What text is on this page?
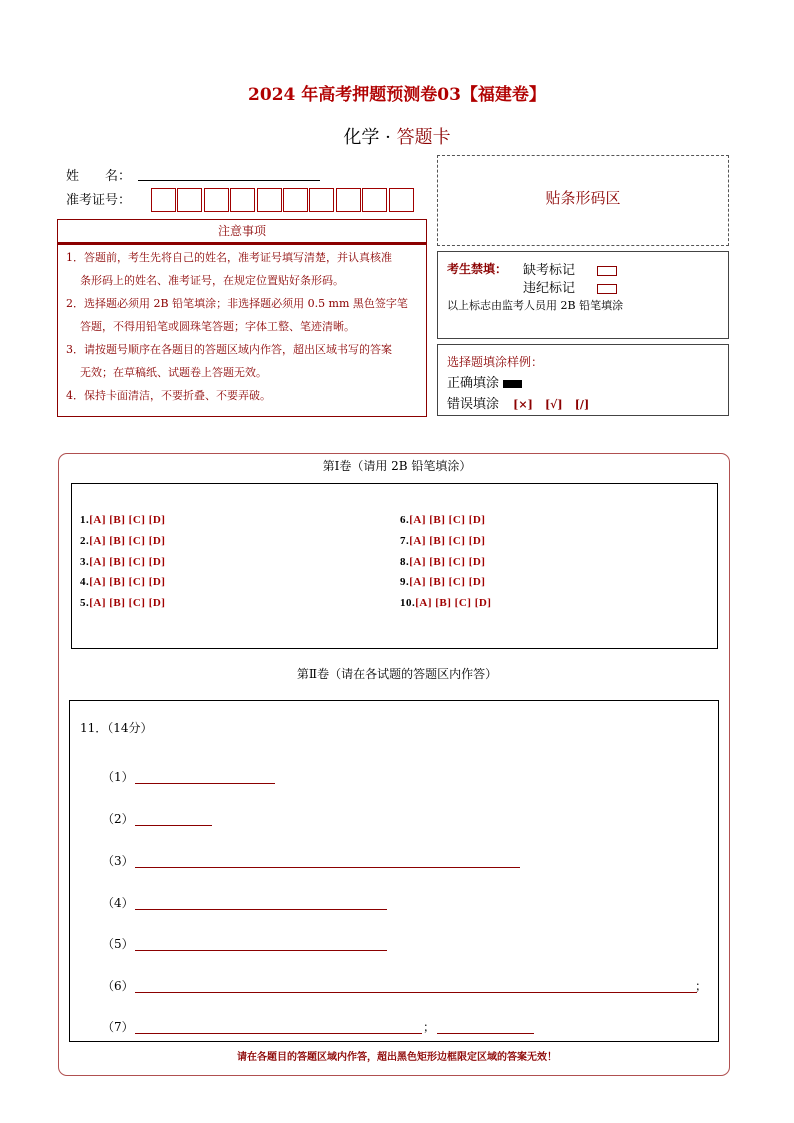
2024 年高考押题预测卷03【福建卷】
化学 · 答题卡
姓　　名：
准考证号：	贴条形码区
注意事项

1．答题前，考生先将自己的姓名，准考证号填写清楚，并认真核准

条形码上的姓名、准考证号，在规定位置贴好条形码。

2．选择题必须用 2B 铅笔填涂；非选择题必须用 0.5 mm 黑色签字笔

答题，不得用铅笔或圆珠笔答题；字体工整、笔迹清晰。

3．请按题号顺序在各题目的答题区域内作答，超出区域书写的答案

无效；在草稿纸、试题卷上答题无效。

4．保持卡面清洁，不要折叠、不要弄破。

考生禁填： 缺考标记
违纪标记
以上标志由监考人员用 2B 铅笔填涂
选择题填涂样例：
正确填涂
错误填涂 [×] [√] [/]
第Ⅰ卷（请用 2B 铅笔填涂）
1.[A] [B] [C] [D]
2.[A] [B] [C] [D]
3.[A] [B] [C] [D]
4.[A] [B] [C] [D]
5.[A] [B] [C] [D]
6.[A] [B] [C] [D]
7.[A] [B] [C] [D]
8.[A] [B] [C] [D]
9.[A] [B] [C] [D]
10.[A] [B] [C] [D]
第Ⅱ卷（请在各试题的答题区内作答）
11．（14分）
（1）
（2）
（3）
（4）
（5）
（6）	；
（7）	；
请在各题目的答题区域内作答，超出黑色矩形边框限定区域的答案无效！
